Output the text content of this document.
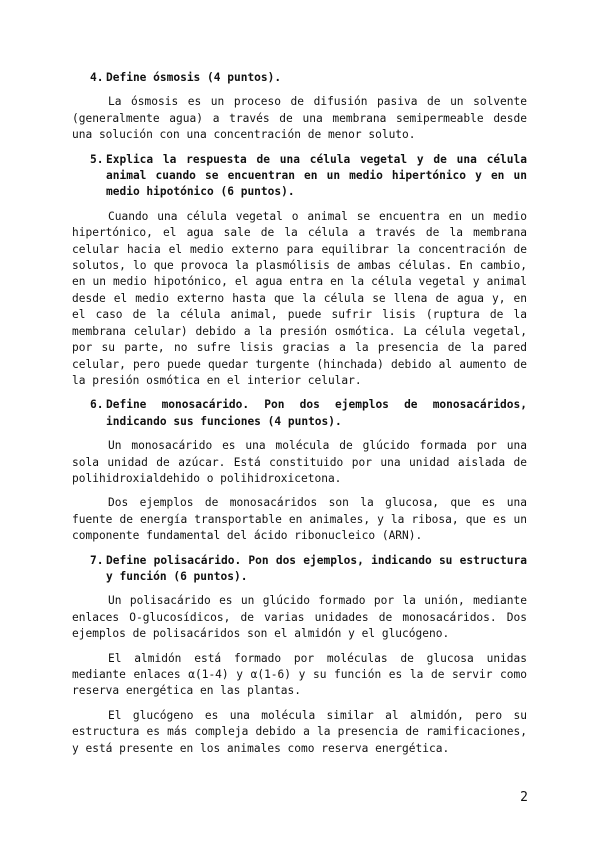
4. Define ósmosis (4 puntos).

La ósmosis es un proceso de difusión pasiva de un solvente (generalmente agua) a través de una membrana semipermeable desde una solución con una concentración de menor soluto.

5. Explica la respuesta de una célula vegetal y de una célula animal cuando se encuentran en un medio hipertónico y en un medio hipotónico (6 puntos).

Cuando una célula vegetal o animal se encuentra en un medio hipertónico, el agua sale de la célula a través de la membrana celular hacia el medio externo para equilibrar la concentración de solutos, lo que provoca la plasmólisis de ambas células. En cambio, en un medio hipotónico, el agua entra en la célula vegetal y animal desde el medio externo hasta que la célula se llena de agua y, en el caso de la célula animal, puede sufrir lisis (ruptura de la membrana celular) debido a la presión osmótica. La célula vegetal, por su parte, no sufre lisis gracias a la presencia de la pared celular, pero puede quedar turgente (hinchada) debido al aumento de la presión osmótica en el interior celular.

6. Define monosacárido. Pon dos ejemplos de monosacáridos, indicando sus funciones (4 puntos).

Un monosacárido es una molécula de glúcido formada por una sola unidad de azúcar. Está constituido por una unidad aislada de polihidroxialdehido o polihidroxicetona.

Dos ejemplos de monosacáridos son la glucosa, que es una fuente de energía transportable en animales, y la ribosa, que es un componente fundamental del ácido ribonucleico (ARN).

7. Define polisacárido. Pon dos ejemplos, indicando su estructura y función (6 puntos).

Un polisacárido es un glúcido formado por la unión, mediante enlaces O-glucosídicos, de varias unidades de monosacáridos. Dos ejemplos de polisacáridos son el almidón y el glucógeno.

El almidón está formado por moléculas de glucosa unidas mediante enlaces α(1-4) y α(1-6) y su función es la de servir como reserva energética en las plantas.

El glucógeno es una molécula similar al almidón, pero su estructura es más compleja debido a la presencia de ramificaciones, y está presente en los animales como reserva energética.

2
